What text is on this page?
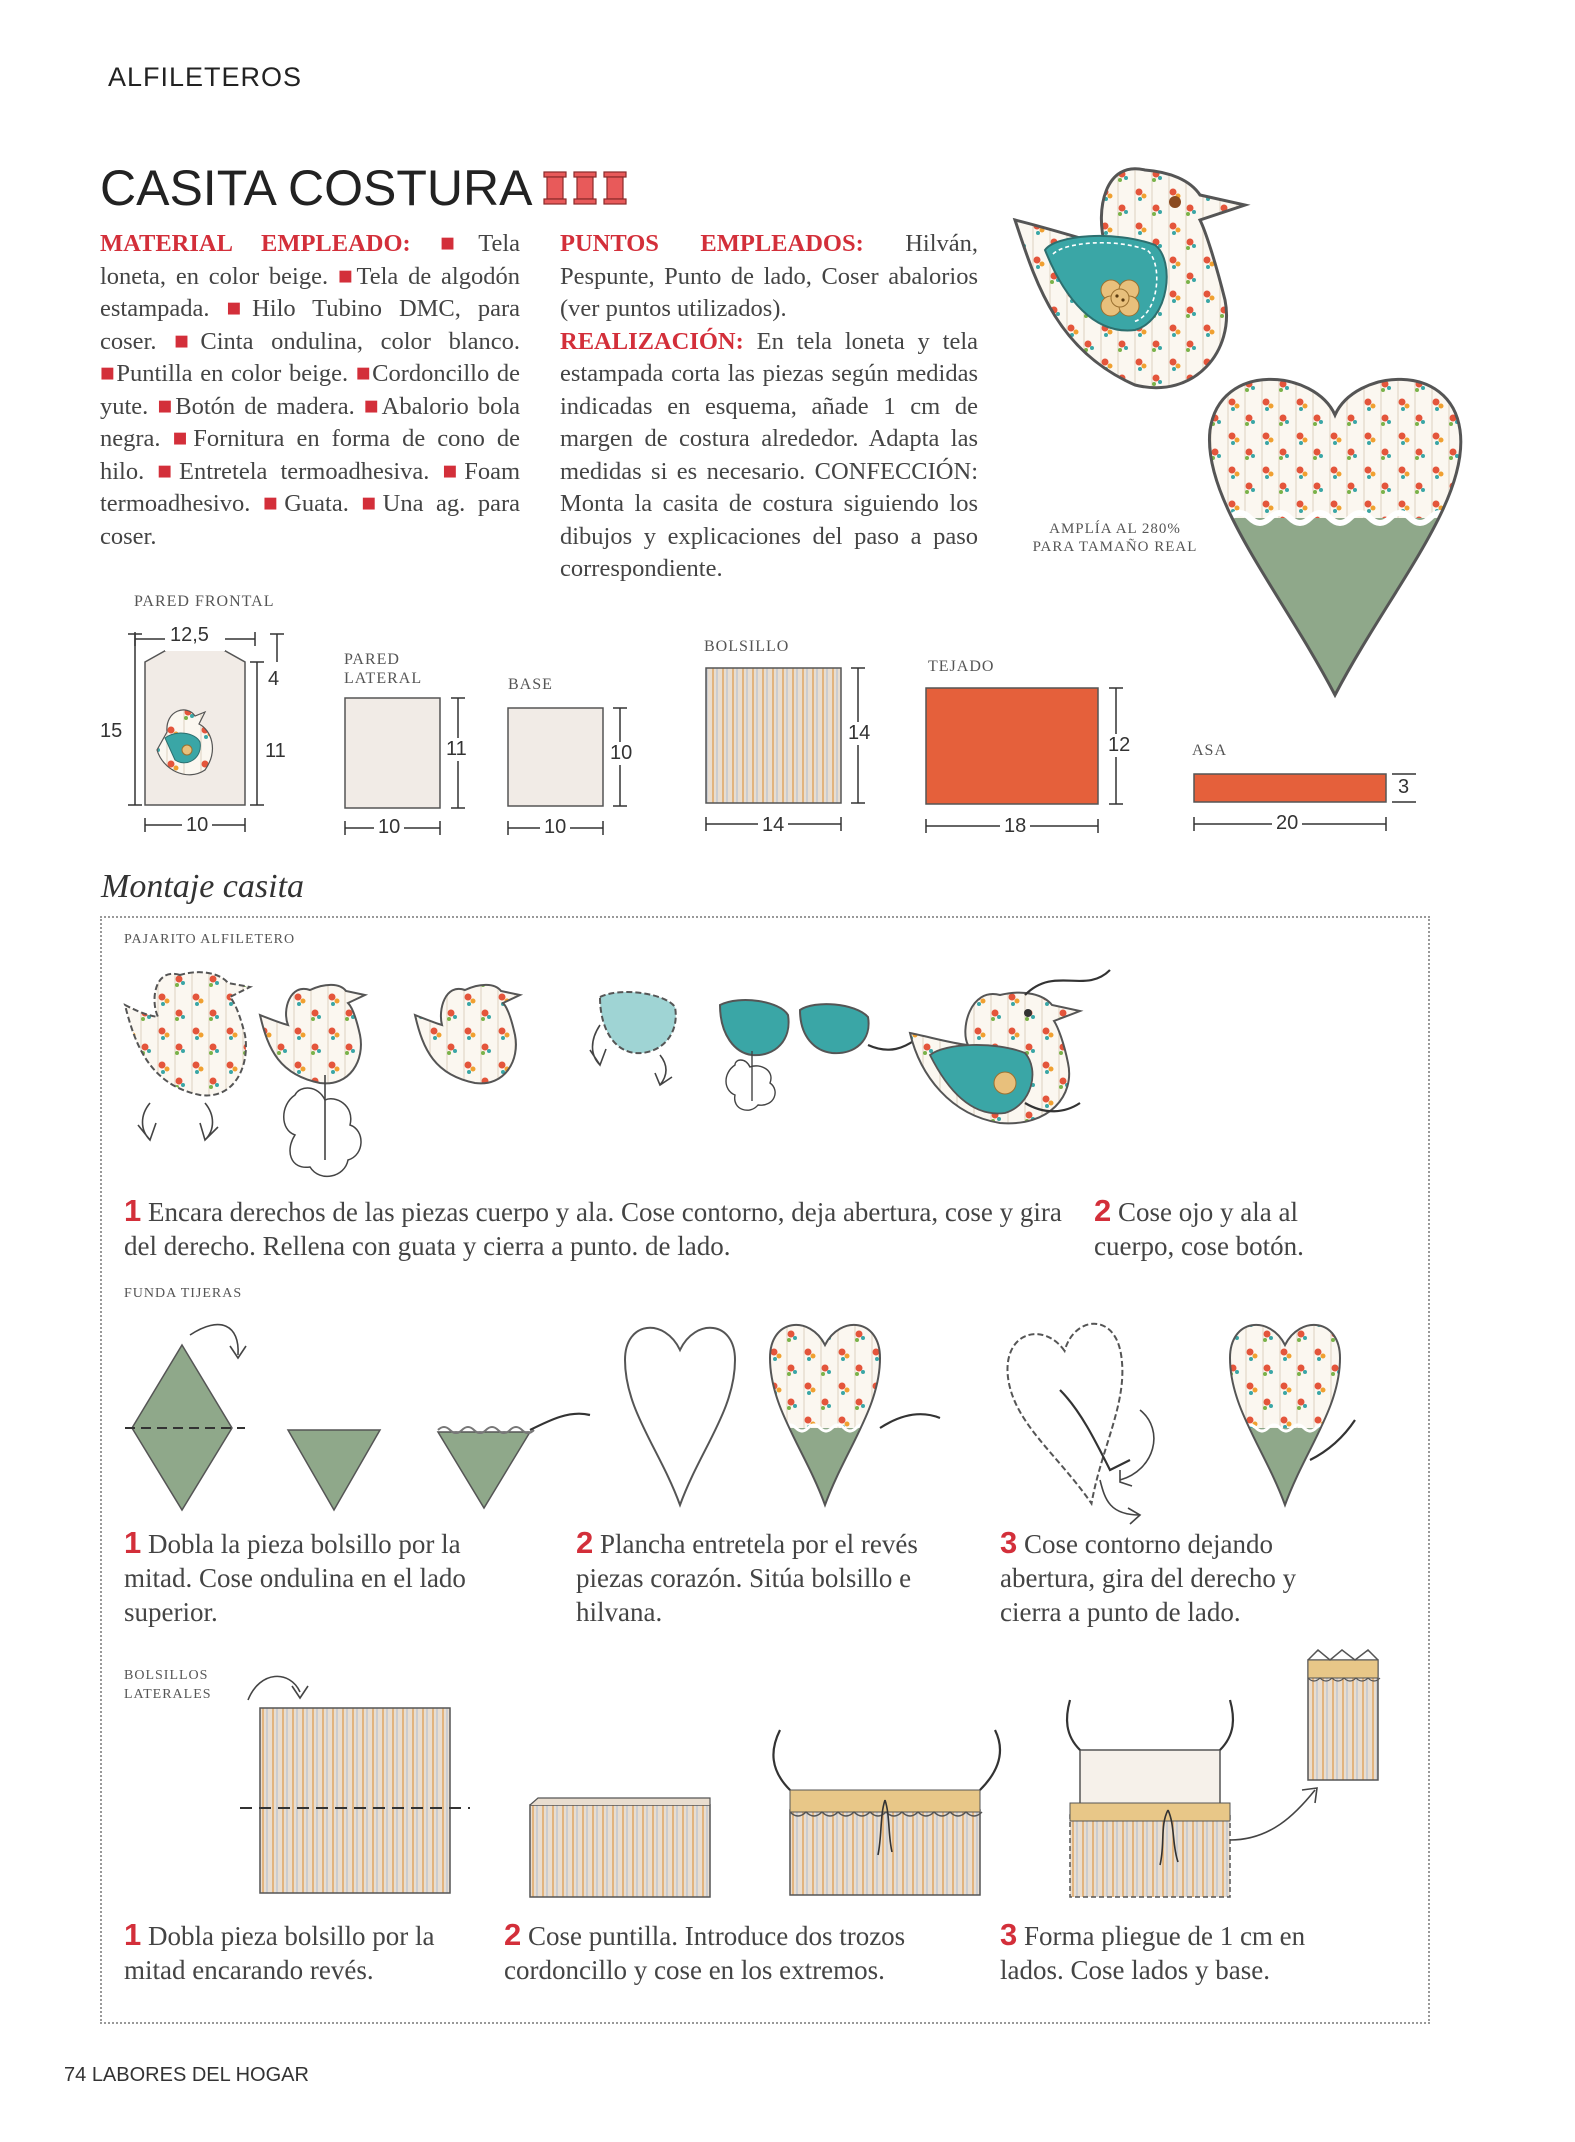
ALFILETEROS
CASITA COSTURA
MATERIAL EMPLEADO: ■Tela loneta, en color beige. ■Tela de algodón estampada. ■Hilo Tubino DMC, para coser. ■Cinta ondulina, color blanco. ■Puntilla en color beige. ■Cordoncillo de yute. ■Botón de madera. ■Abalorio bola negra. ■Fornitura en forma de cono de hilo. ■Entretela termoadhesiva. ■Foam termoadhesivo. ■Guata. ■Una ag. para coser.
PUNTOS EMPLEADOS: Hilván, Pespunte, Punto de lado, Coser abalorios (ver puntos utilizados).
REALIZACIÓN: En tela loneta y tela estampada corta las piezas según medidas indicadas en esquema, añade 1 cm de margen de costura alrededor. Adapta las medidas si es necesario. CONFECCIÓN: Monta la casita de costura siguiendo los dibujos y explicaciones del paso a paso correspondiente.
AMPLÍA AL 280% PARA TAMAÑO REAL
PARED FRONTAL
12,5
4
15
11
10
PARED LATERAL
11
10
BASE
10
10
BOLSILLO
14
14
TEJADO
12
18
ASA
3
20
Montaje casita
PAJARITO ALFILETERO
1 Encara derechos de las piezas cuerpo y ala. Cose contorno, deja abertura, cose y gira del derecho. Rellena con guata y cierra a punto. de lado.
2 Cose ojo y ala al cuerpo, cose botón.
FUNDA TIJERAS
1 Dobla la pieza bolsillo por la mitad. Cose ondulina en el lado superior.
2 Plancha entretela por el revés piezas corazón. Sitúa bolsillo e hilvana.
3 Cose contorno dejando abertura, gira del derecho y cierra a punto de lado.
BOLSILLOS LATERALES
1 Dobla pieza bolsillo por la mitad encarando revés.
2 Cose puntilla. Introduce dos trozos cordoncillo y cose en los extremos.
3 Forma pliegue de 1 cm en lados. Cose lados y base.
74 LABORES DEL HOGAR
